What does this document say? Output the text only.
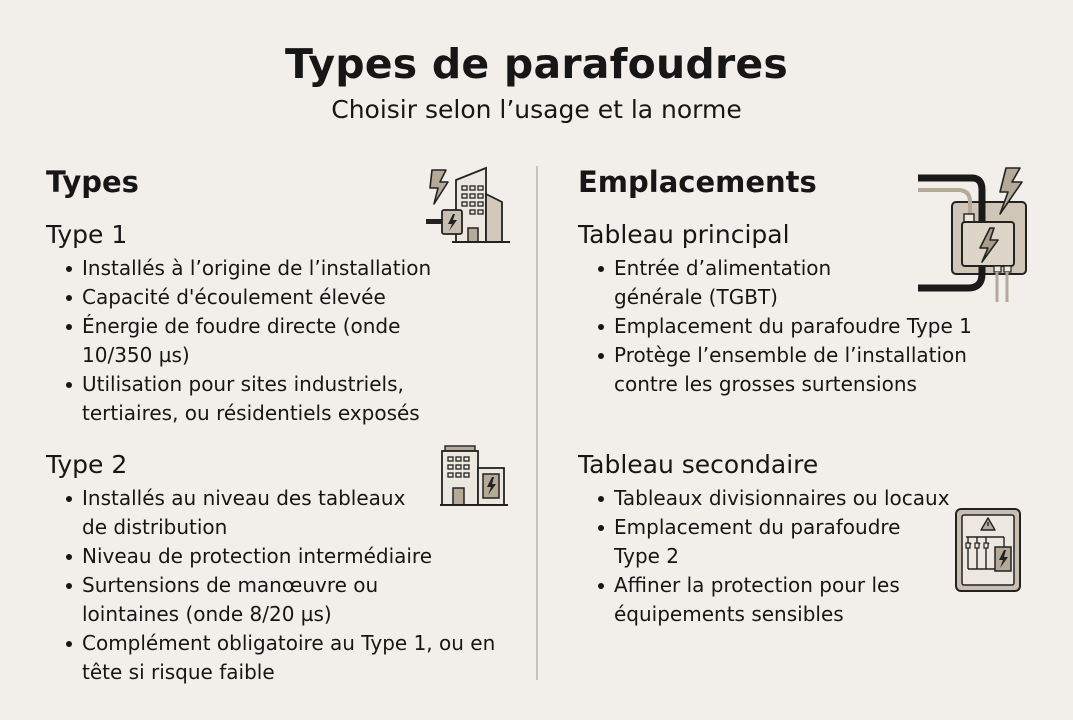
Types de parafoudres
Choisir selon l’usage et la norme
Types
Type 1
Installés à l’origine de l’installation
Capacité d'écoulement élevée
Énergie de foudre directe (onde 10/350 µs)
Utilisation pour sites industriels, tertiaires, ou résidentiels exposés
Type 2
Installés au niveau des tableaux de distribution
Niveau de protection intermédiaire
Surtensions de manœuvre ou lointaines (onde 8/20 µs)
Complément obligatoire au Type 1, ou en tête si risque faible
Emplacements
Tableau principal
Entrée d’alimentation générale (TGBT)
Emplacement du parafoudre Type 1
Protège l’ensemble de l’installation contre les grosses surtensions
Tableau secondaire
Tableaux divisionnaires ou locaux
Emplacement du parafoudre Type 2
Affiner la protection pour les équipements sensibles
